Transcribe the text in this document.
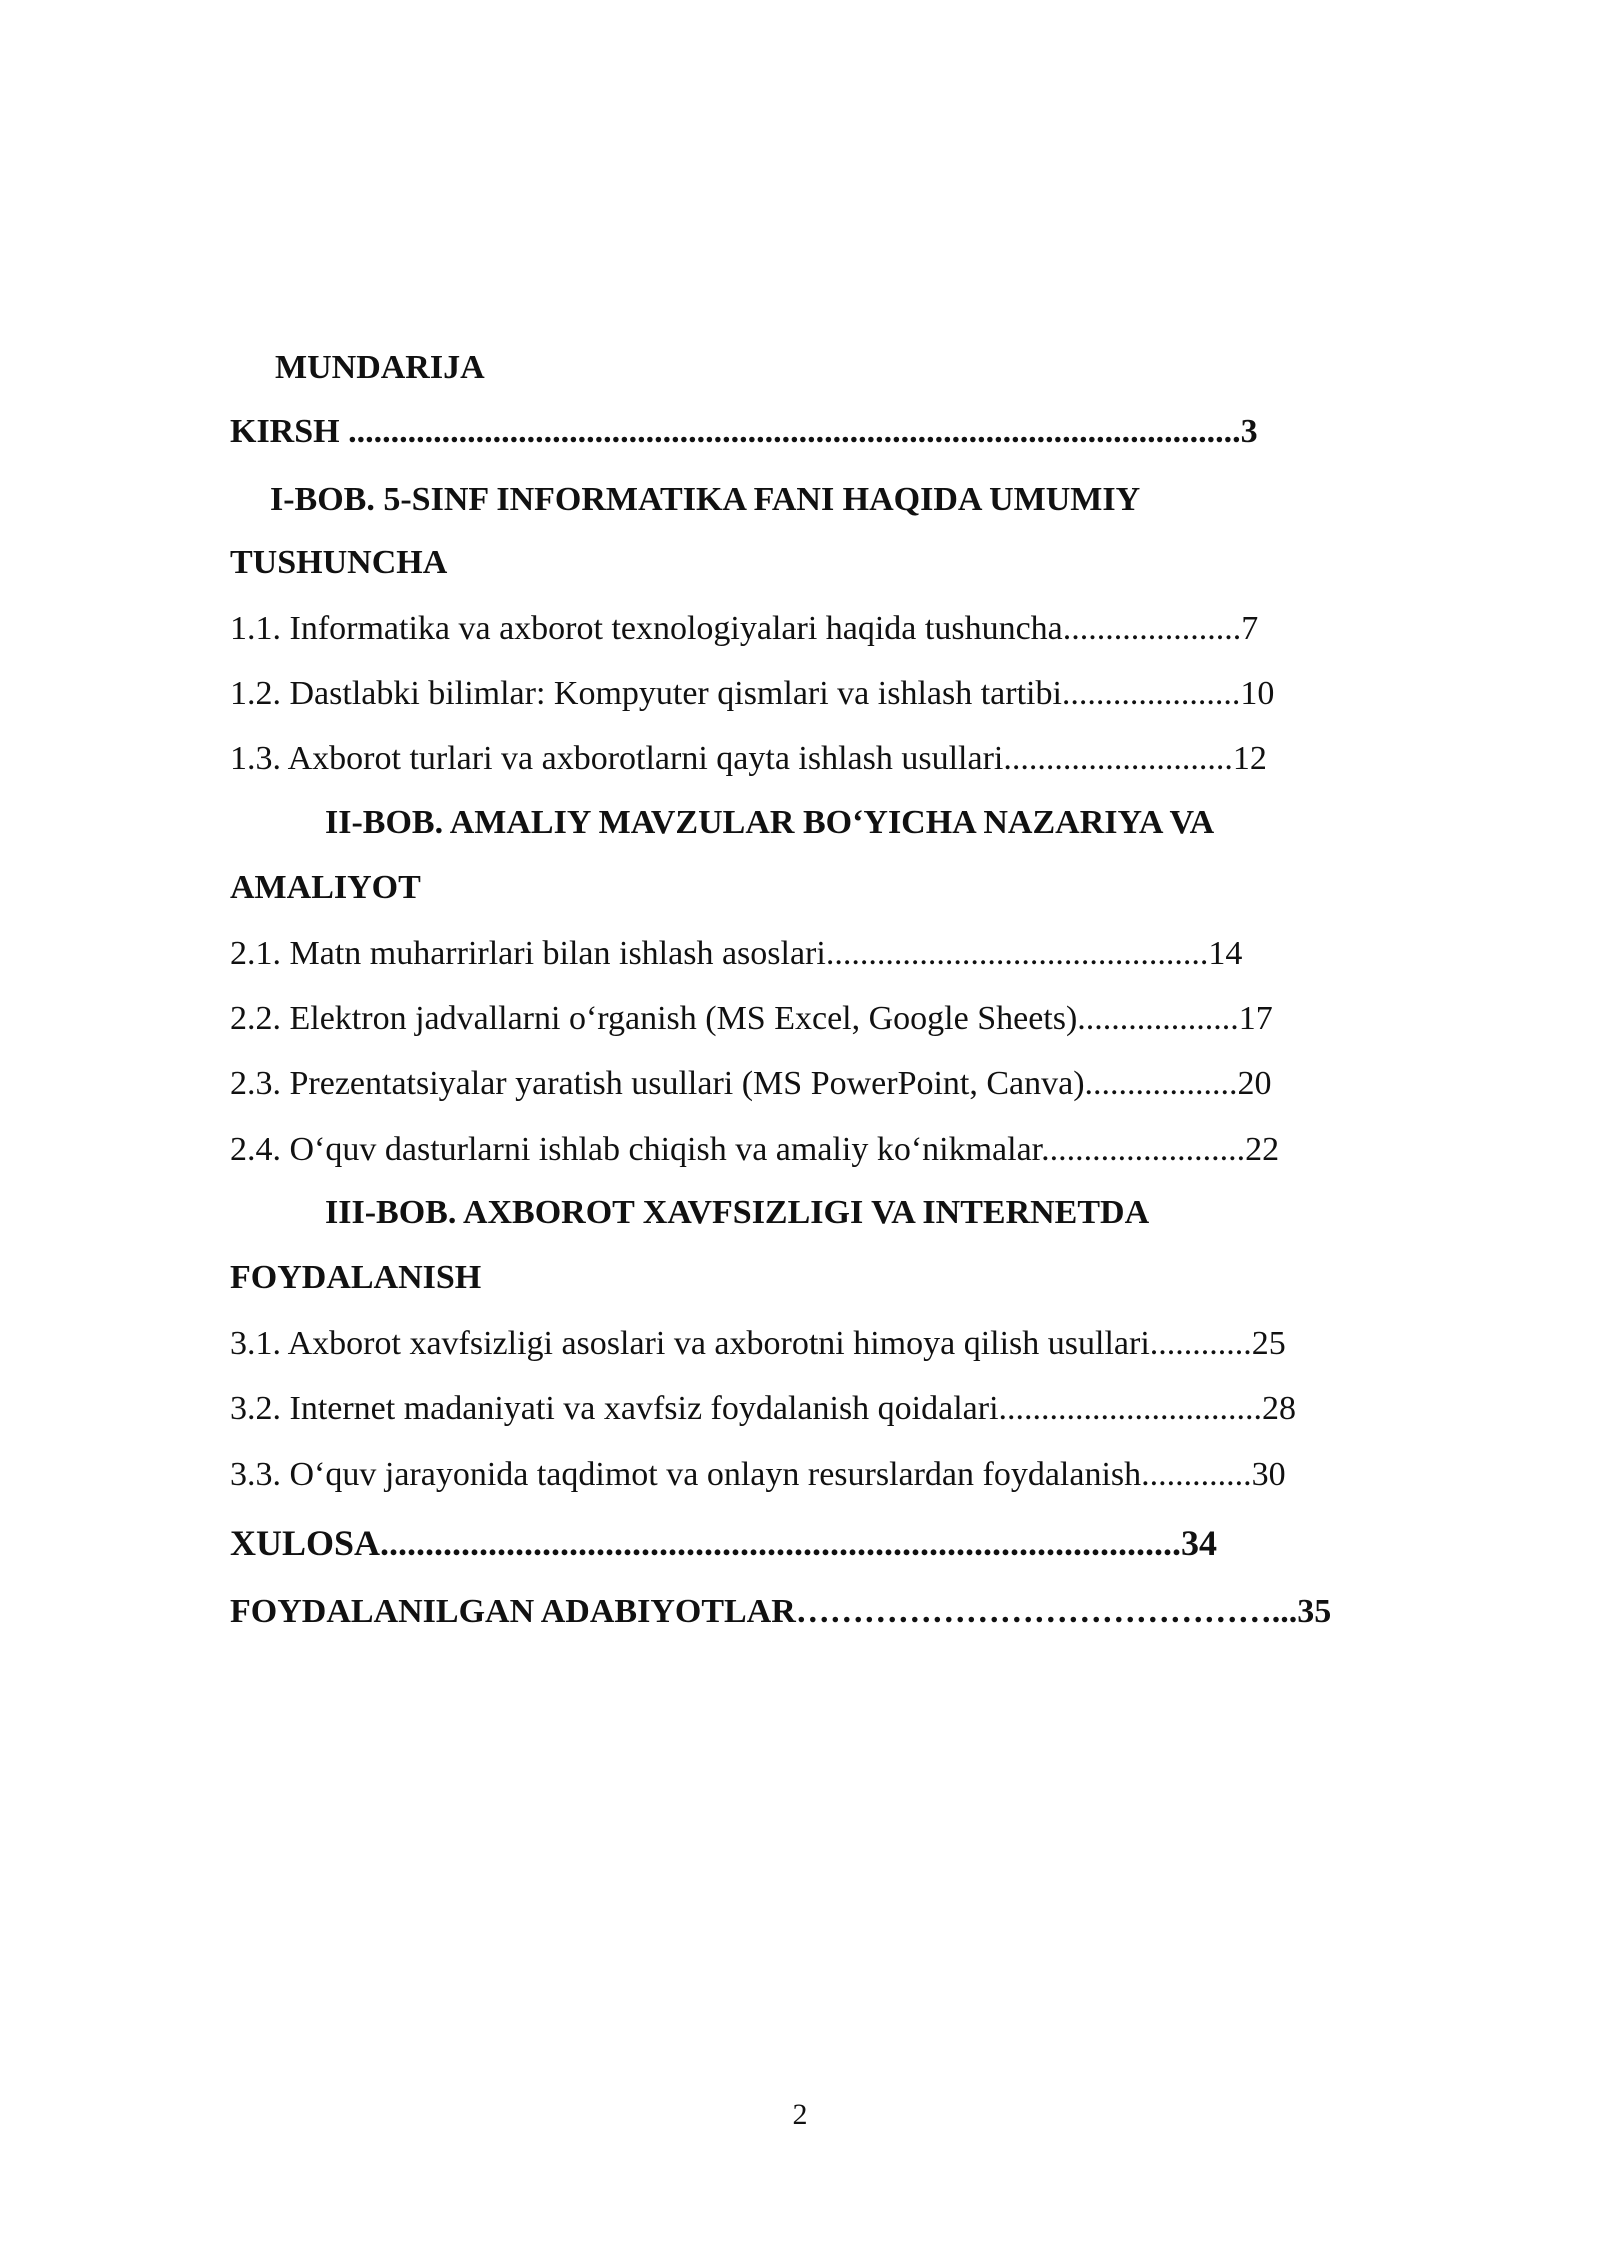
MUNDARIJA
KIRSH .........................................................................................................3
I-BOB. 5-SINF INFORMATIKA FANI HAQIDA UMUMIY
TUSHUNCHA
1.1. Informatika va axborot texnologiyalari haqida tushuncha.....................7
1.2. Dastlabki bilimlar: Kompyuter qismlari va ishlash tartibi.....................10
1.3. Axborot turlari va axborotlarni qayta ishlash usullari...........................12
II-BOB. AMALIY MAVZULAR BO‘YICHA NAZARIYA VA
AMALIYOT
2.1. Matn muharrirlari bilan ishlash asoslari.............................................14
2.2. Elektron jadvallarni o‘rganish (MS Excel, Google Sheets)...................17
2.3. Prezentatsiyalar yaratish usullari (MS PowerPoint, Canva)..................20
2.4. O‘quv dasturlarni ishlab chiqish va amaliy ko‘nikmalar........................22
III-BOB. AXBOROT XAVFSIZLIGI VA INTERNETDA
FOYDALANISH
3.1. Axborot xavfsizligi asoslari va axborotni himoya qilish usullari............25
3.2. Internet madaniyati va xavfsiz foydalanish qoidalari...............................28
3.3. O‘quv jarayonida taqdimot va onlayn resurslardan foydalanish.............30
XULOSA.........................................................................................34
FOYDALANILGAN ADABIYOTLAR……………………………………...35
2
